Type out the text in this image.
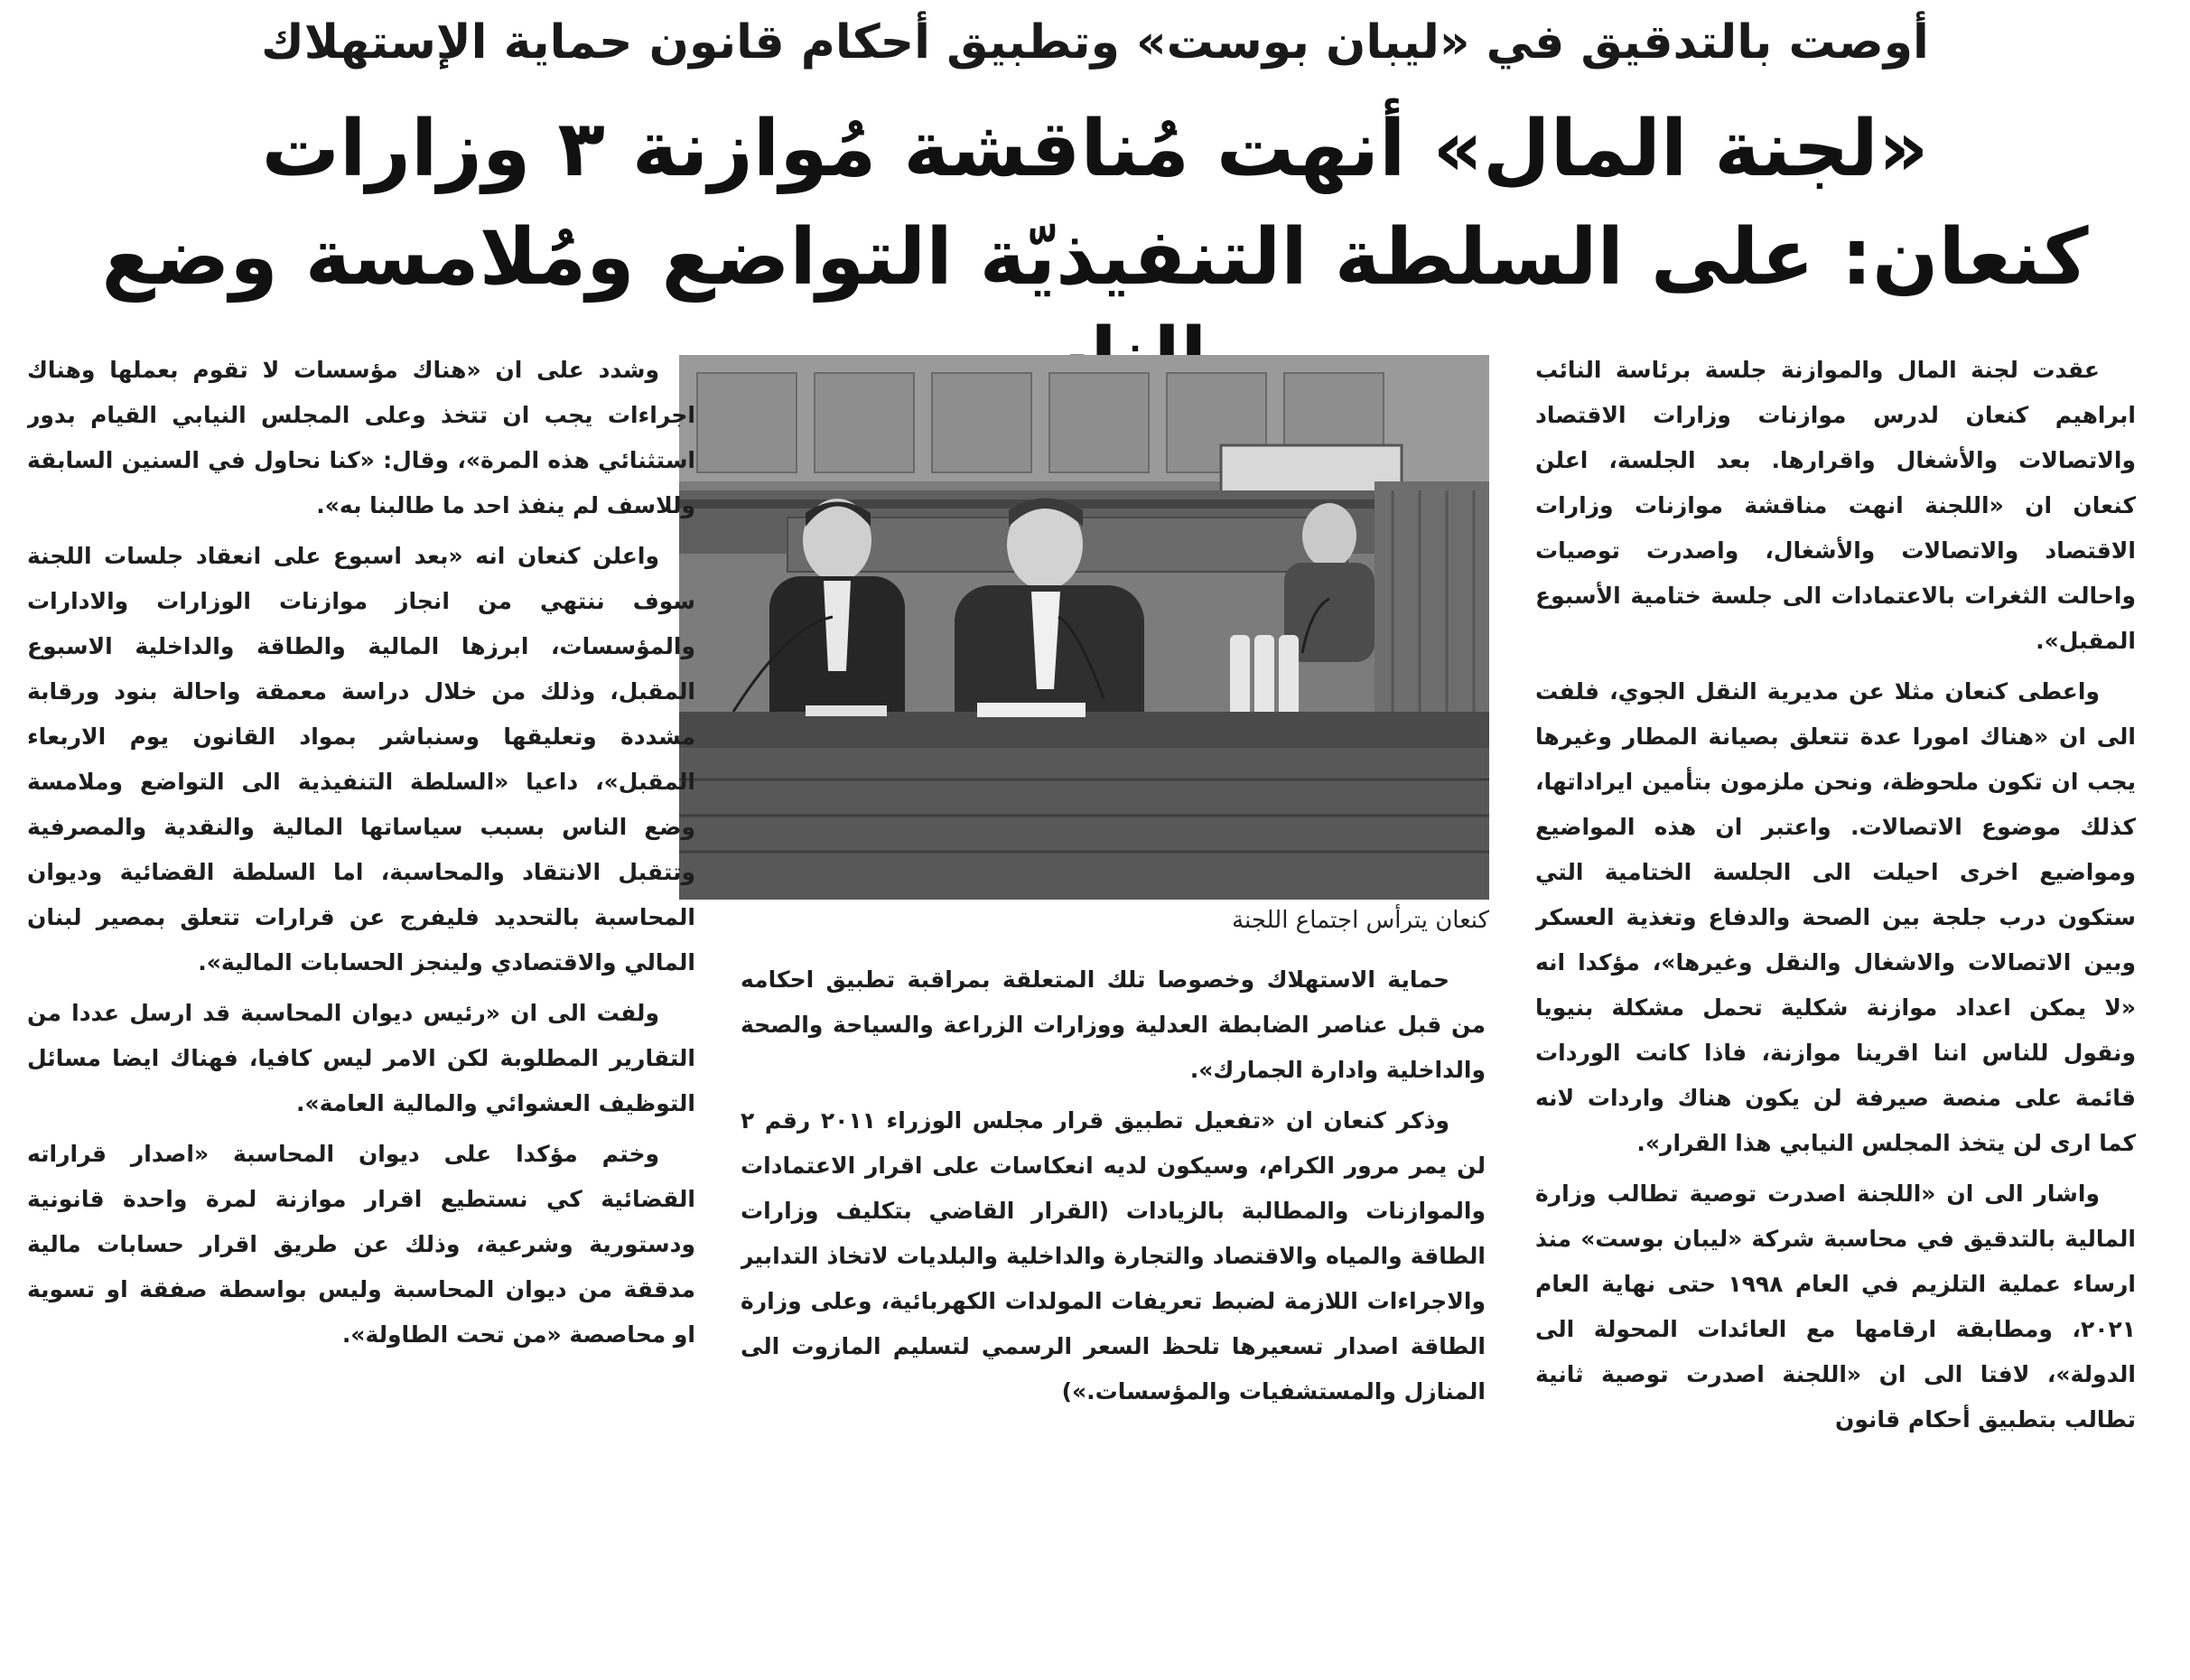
أوصت بالتدقيق في «ليبان بوست» وتطبيق أحكام قانون حماية الإستهلاك
«لجنة المال» أنهت مُناقشة مُوازنة ٣ وزارات
كنعان: على السلطة التنفيذيّة التواضع ومُلامسة وضع

عقدت لجنة المال والموازنة جلسة برئاسة النائب ابراهيم كنعان لدرس موازنات وزارات الاقتصاد والاتصالات والأشغال واقرارها. بعد الجلسة، اعلن كنعان ان «اللجنة انهت مناقشة موازنات وزارات الاقتصاد والاتصالات والأشغال، واصدرت توصيات واحالت الثغرات بالاعتمادات الى جلسة ختامية الأسبوع المقبل».

واعطى كنعان مثلا عن مديرية النقل الجوي، فلفت الى ان «هناك امورا عدة تتعلق بصيانة المطار وغيرها يجب ان تكون ملحوظة، ونحن ملزمون بتأمين ايراداتها، كذلك موضوع الاتصالات. واعتبر ان هذه المواضيع ومواضيع اخرى احيلت الى الجلسة الختامية التي ستكون درب جلجة بين الصحة والدفاع وتغذية العسكر وبين الاتصالات والاشغال والنقل وغيرها»، مؤكدا انه «لا يمكن اعداد موازنة شكلية تحمل مشكلة بنيويا ونقول للناس اننا اقرينا موازنة، فاذا كانت الوردات قائمة على منصة صيرفة لن يكون هناك واردات لانه كما ارى لن يتخذ المجلس النيابي هذا القرار».

واشار الى ان «اللجنة اصدرت توصية تطالب وزارة المالية بالتدقيق في محاسبة شركة «ليبان بوست» منذ ارساء عملية التلزيم في العام ١٩٩٨ حتى نهاية العام ٢٠٢١، ومطابقة ارقامها مع العائدات المحولة الى الدولة»، لافتا الى ان «اللجنة اصدرت توصية ثانية تطالب بتطبيق أحكام قانون

كنعان يترأس اجتماع اللجنة

حماية الاستهلاك وخصوصا تلك المتعلقة بمراقبة تطبيق احكامه من قبل عناصر الضابطة العدلية ووزارات الزراعة والسياحة والصحة والداخلية وادارة الجمارك».

وذكر كنعان ان «تفعيل تطبيق قرار مجلس الوزراء ٢٠١١ رقم ٢ لن يمر مرور الكرام، وسيكون لديه انعكاسات على اقرار الاعتمادات والموازنات والمطالبة بالزيادات (القرار القاضي بتكليف وزارات الطاقة والمياه والاقتصاد والتجارة والداخلية والبلديات لاتخاذ التدابير والاجراءات اللازمة لضبط تعريفات المولدات الكهربائية، وعلى وزارة الطاقة اصدار تسعيرها تلحظ السعر الرسمي لتسليم المازوت الى المنازل والمستشفيات والمؤسسات.»)

وشدد على ان «هناك مؤسسات لا تقوم بعملها وهناك اجراءات يجب ان تتخذ وعلى المجلس النيابي القيام بدور استثنائي هذه المرة»، وقال: «كنا نحاول في السنين السابقة وللاسف لم ينفذ احد ما طالبنا به».

واعلن كنعان انه «بعد اسبوع على انعقاد جلسات اللجنة سوف ننتهي من انجاز موازنات الوزارات والادارات والمؤسسات، ابرزها المالية والطاقة والداخلية الاسبوع المقبل، وذلك من خلال دراسة معمقة واحالة بنود ورقابة مشددة وتعليقها وسنباشر بمواد القانون يوم الاربعاء المقبل»، داعيا «السلطة التنفيذية الى التواضع وملامسة وضع الناس بسبب سياساتها المالية والنقدية والمصرفية وتتقبل الانتقاد والمحاسبة، اما السلطة القضائية وديوان المحاسبة بالتحديد فليفرج عن قرارات تتعلق بمصير لبنان المالي والاقتصادي ولينجز الحسابات المالية».

ولفت الى ان «رئيس ديوان المحاسبة قد ارسل عددا من التقارير المطلوبة لكن الامر ليس كافيا، فهناك ايضا مسائل التوظيف العشوائي والمالية العامة».

وختم مؤكدا على ديوان المحاسبة «اصدار قراراته القضائية كي نستطيع اقرار موازنة لمرة واحدة قانونية ودستورية وشرعية، وذلك عن طريق اقرار حسابات مالية مدققة من ديوان المحاسبة وليس بواسطة صفقة او تسوية او محاصصة «من تحت الطاولة».
